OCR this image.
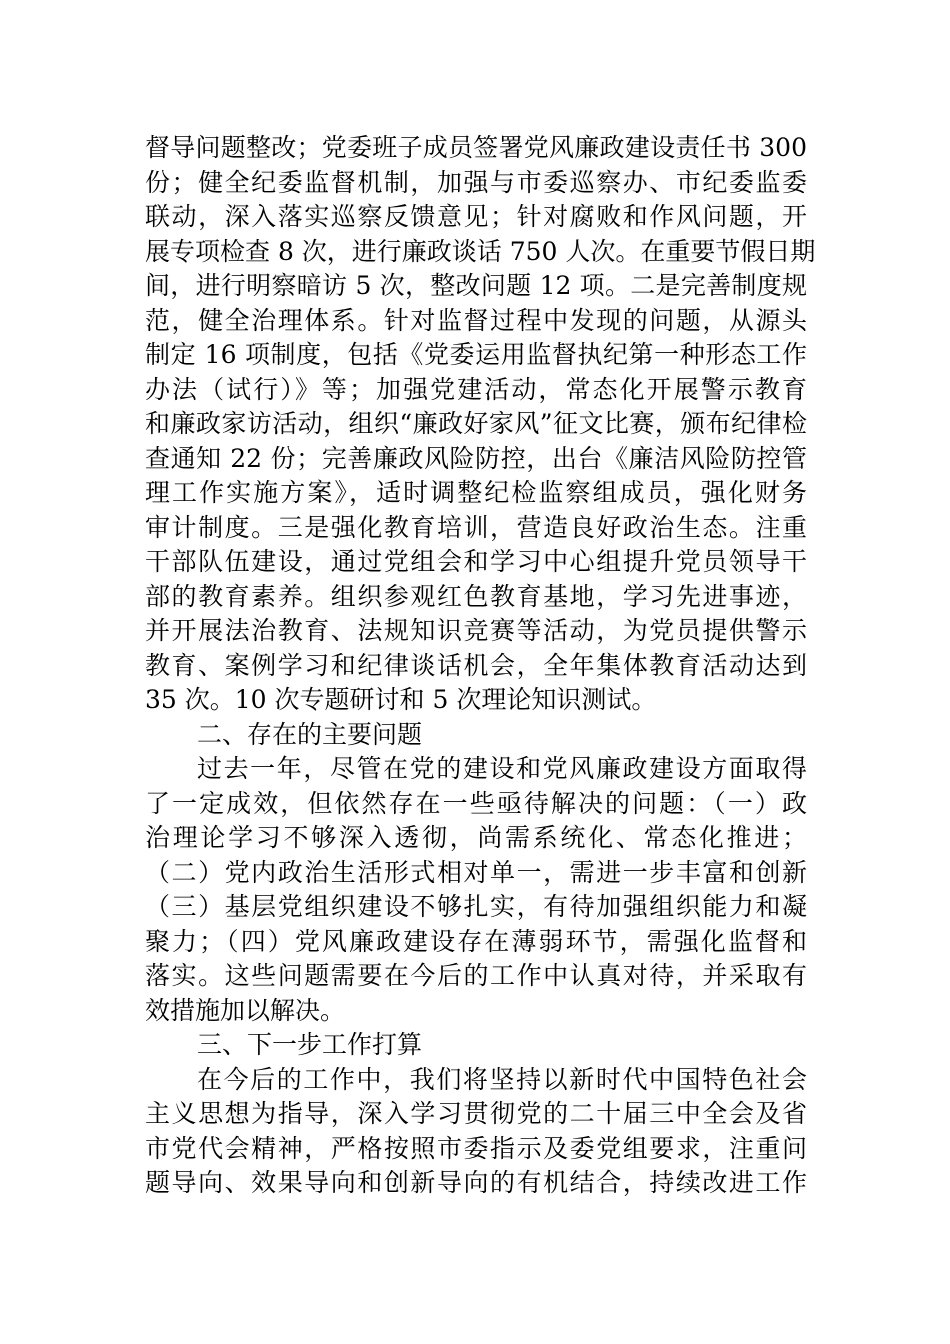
督导问题整改；党委班子成员签署党风廉政建设责任书 300
份；健全纪委监督机制，加强与市委巡察办、市纪委监委
联动，深入落实巡察反馈意见；针对腐败和作风问题，开
展专项检查 8 次，进行廉政谈话 750 人次。在重要节假日期
间，进行明察暗访 5 次，整改问题 12 项。二是完善制度规
范，健全治理体系。针对监督过程中发现的问题，从源头
制定 16 项制度，包括《党委运用监督执纪第一种形态工作
办法（试行）》等；加强党建活动，常态化开展警示教育
和廉政家访活动，组织“廉政好家风”征文比赛，颁布纪律检
查通知 22 份；完善廉政风险防控，出台《廉洁风险防控管
理工作实施方案》，适时调整纪检监察组成员，强化财务
审计制度。三是强化教育培训，营造良好政治生态。注重
干部队伍建设，通过党组会和学习中心组提升党员领导干
部的教育素养。组织参观红色教育基地，学习先进事迹，
并开展法治教育、法规知识竞赛等活动，为党员提供警示
教育、案例学习和纪律谈话机会，全年集体教育活动达到
35 次。10 次专题研讨和 5 次理论知识测试。
二、存在的主要问题
过去一年，尽管在党的建设和党风廉政建设方面取得
了一定成效，但依然存在一些亟待解决的问题：（一）政
治理论学习不够深入透彻，尚需系统化、常态化推进；
（二）党内政治生活形式相对单一，需进一步丰富和创新
（三）基层党组织建设不够扎实，有待加强组织能力和凝
聚力；（四）党风廉政建设存在薄弱环节，需强化监督和
落实。这些问题需要在今后的工作中认真对待，并采取有
效措施加以解决。
三、下一步工作打算
在今后的工作中，我们将坚持以新时代中国特色社会
主义思想为指导，深入学习贯彻党的二十届三中全会及省
市党代会精神，严格按照市委指示及委党组要求，注重问
题导向、效果导向和创新导向的有机结合，持续改进工作
